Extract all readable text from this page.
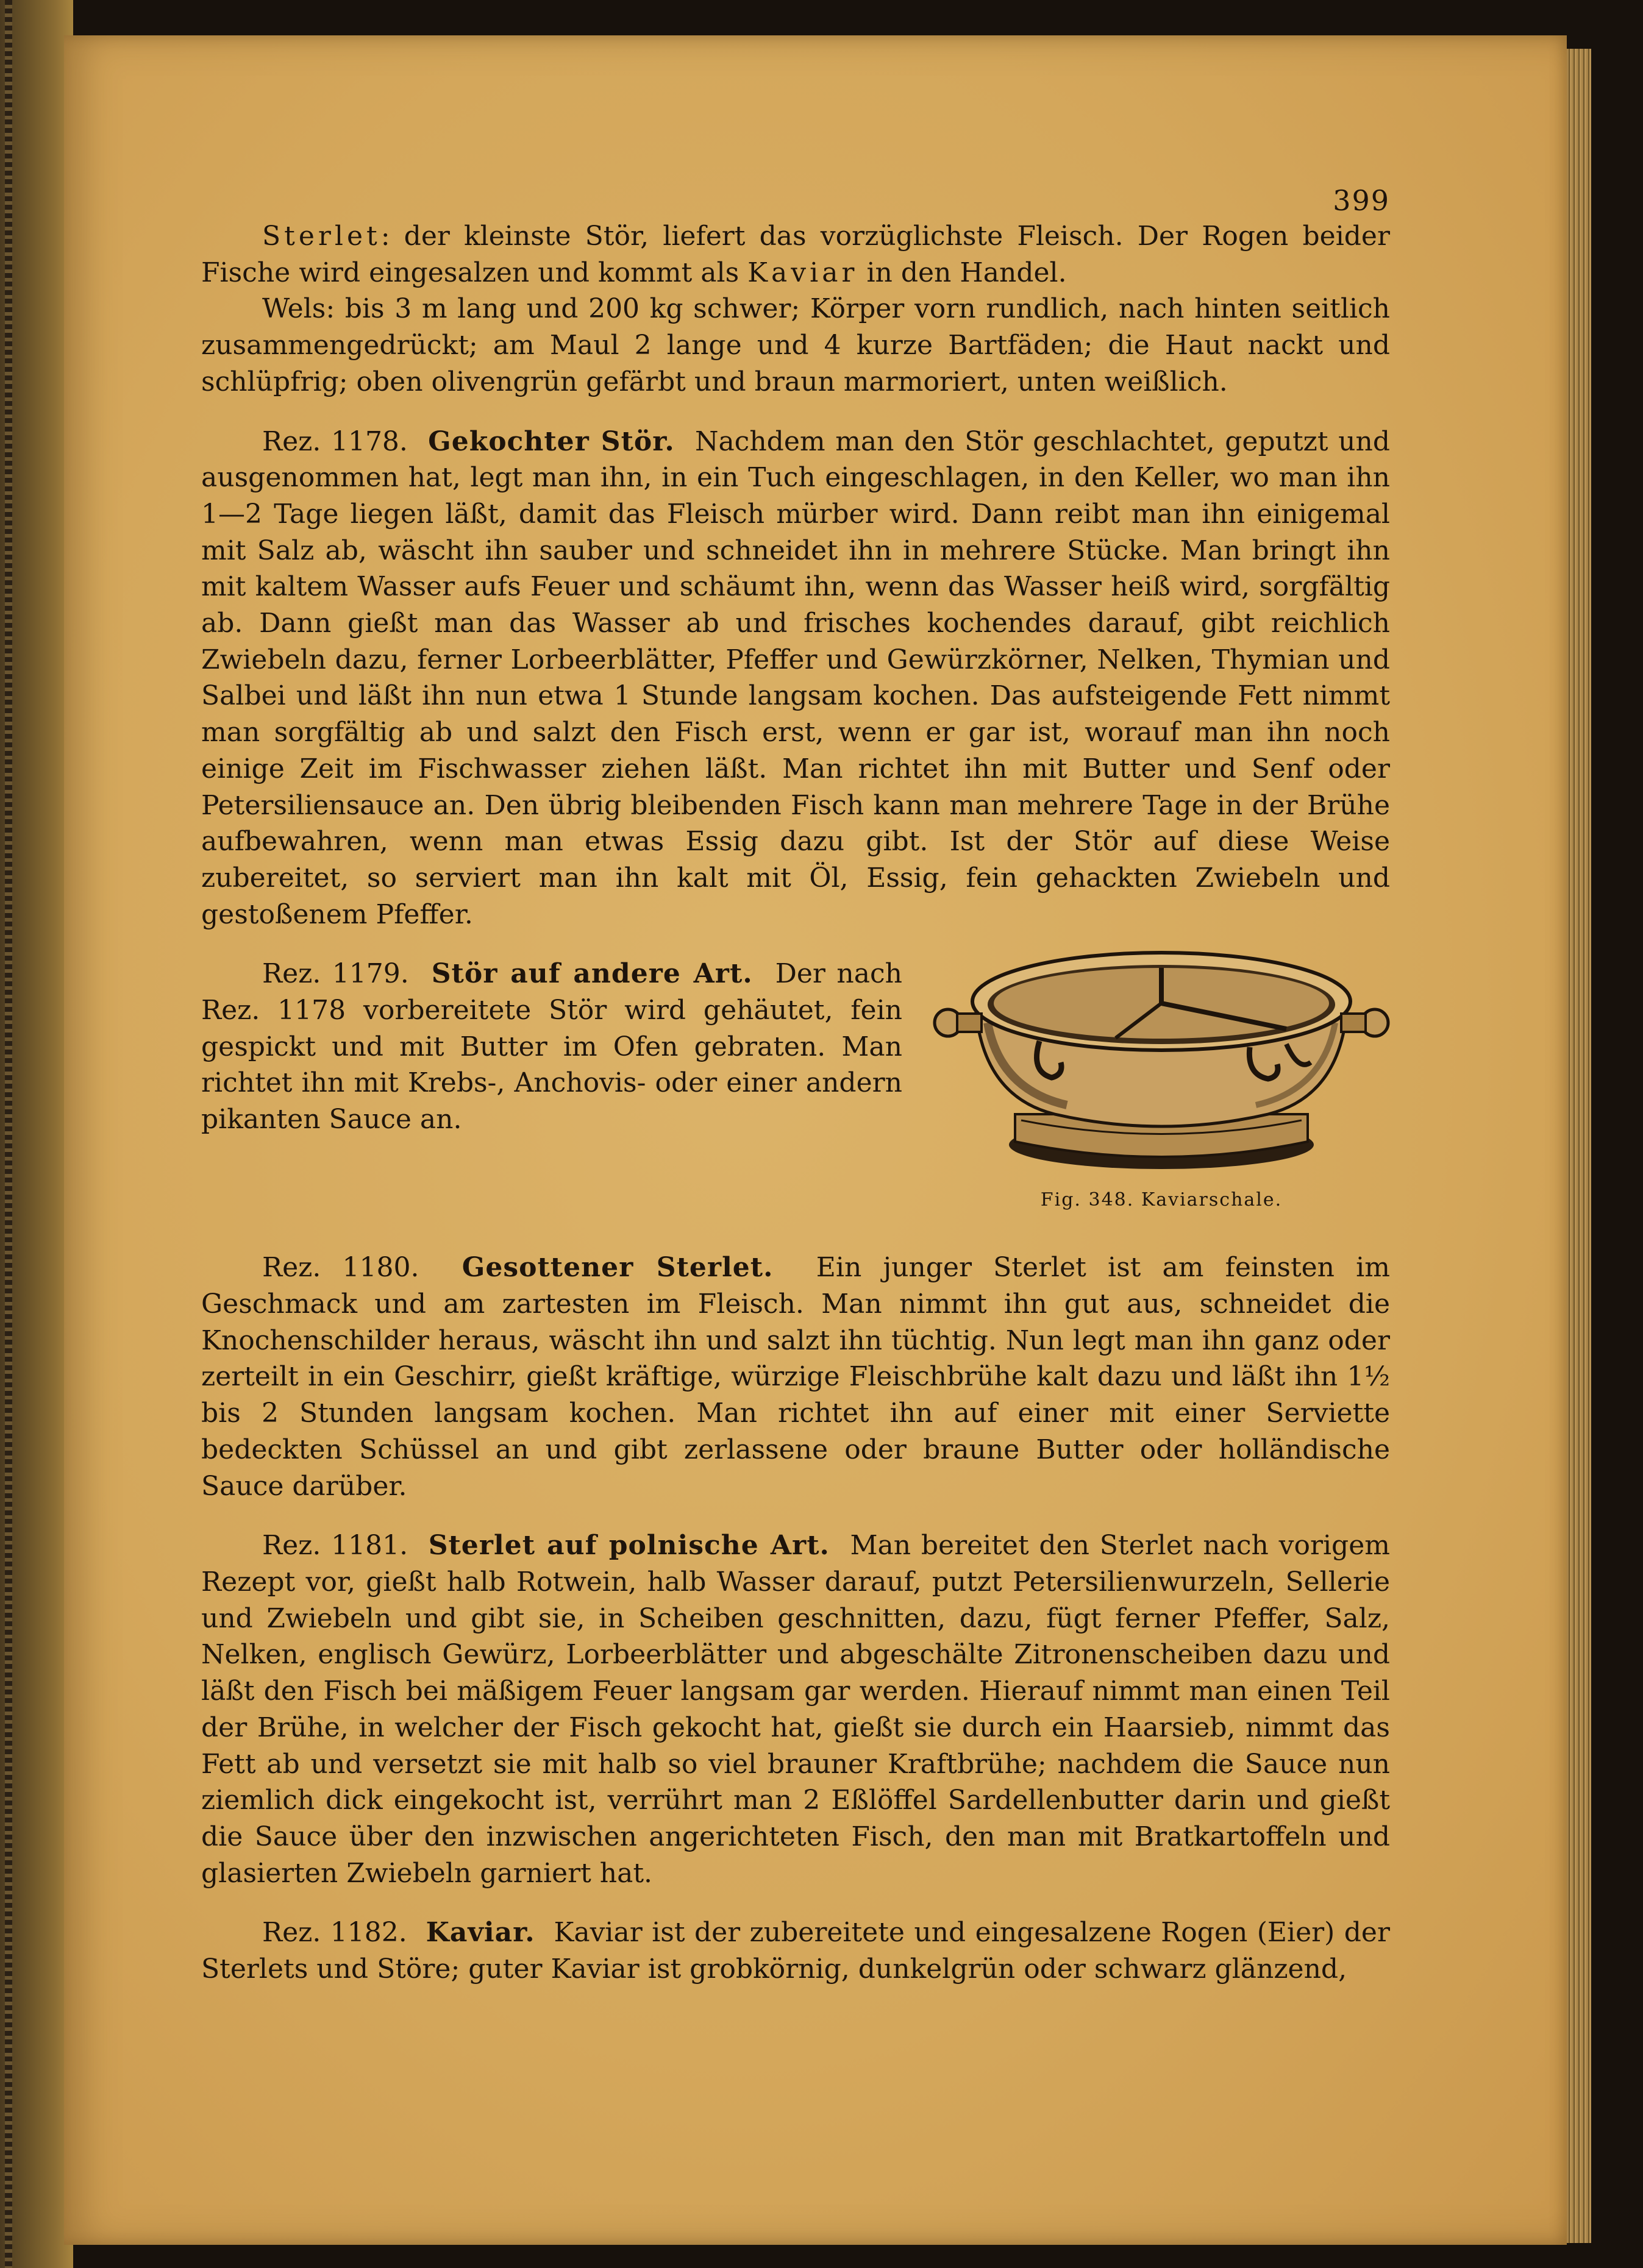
399

Sterlet: der kleinste Stör, liefert das vorzüglichste Fleisch. Der Rogen beider Fische wird eingesalzen und kommt als Kaviar in den Handel.

Wels: bis 3 m lang und 200 kg schwer; Körper vorn rundlich, nach hinten seitlich zusammengedrückt; am Maul 2 lange und 4 kurze Bartfäden; die Haut nackt und schlüpfrig; oben olivengrün gefärbt und braun marmoriert, unten weißlich.

Rez. 1178. Gekochter Stör. Nachdem man den Stör geschlachtet, geputzt und ausgenommen hat, legt man ihn, in ein Tuch eingeschlagen, in den Keller, wo man ihn 1—2 Tage liegen läßt, damit das Fleisch mürber wird. Dann reibt man ihn einigemal mit Salz ab, wäscht ihn sauber und schneidet ihn in mehrere Stücke. Man bringt ihn mit kaltem Wasser aufs Feuer und schäumt ihn, wenn das Wasser heiß wird, sorgfältig ab. Dann gießt man das Wasser ab und frisches kochendes darauf, gibt reichlich Zwiebeln dazu, ferner Lorbeerblätter, Pfeffer und Gewürzkörner, Nelken, Thymian und Salbei und läßt ihn nun etwa 1 Stunde langsam kochen. Das aufsteigende Fett nimmt man sorgfältig ab und salzt den Fisch erst, wenn er gar ist, worauf man ihn noch einige Zeit im Fischwasser ziehen läßt. Man richtet ihn mit Butter und Senf oder Petersiliensauce an. Den übrig bleibenden Fisch kann man mehrere Tage in der Brühe aufbewahren, wenn man etwas Essig dazu gibt. Ist der Stör auf diese Weise zubereitet, so serviert man ihn kalt mit Öl, Essig, fein gehackten Zwiebeln und gestoßenem Pfeffer.

Fig. 348. Kaviarschale.

Rez. 1179. Stör auf andere Art. Der nach Rez. 1178 vorbereitete Stör wird gehäutet, fein gespickt und mit Butter im Ofen gebraten. Man richtet ihn mit Krebs-, Anchovis- oder einer andern pikanten Sauce an.

Rez. 1180. Gesottener Sterlet. Ein junger Sterlet ist am feinsten im Geschmack und am zartesten im Fleisch. Man nimmt ihn gut aus, schneidet die Knochenschilder heraus, wäscht ihn und salzt ihn tüchtig. Nun legt man ihn ganz oder zerteilt in ein Geschirr, gießt kräftige, würzige Fleischbrühe kalt dazu und läßt ihn 1½ bis 2 Stunden langsam kochen. Man richtet ihn auf einer mit einer Serviette bedeckten Schüssel an und gibt zerlassene oder braune Butter oder holländische Sauce darüber.

Rez. 1181. Sterlet auf polnische Art. Man bereitet den Sterlet nach vorigem Rezept vor, gießt halb Rotwein, halb Wasser darauf, putzt Petersilienwurzeln, Sellerie und Zwiebeln und gibt sie, in Scheiben geschnitten, dazu, fügt ferner Pfeffer, Salz, Nelken, englisch Gewürz, Lorbeerblätter und abgeschälte Zitronenscheiben dazu und läßt den Fisch bei mäßigem Feuer langsam gar werden. Hierauf nimmt man einen Teil der Brühe, in welcher der Fisch gekocht hat, gießt sie durch ein Haarsieb, nimmt das Fett ab und versetzt sie mit halb so viel brauner Kraftbrühe; nachdem die Sauce nun ziemlich dick eingekocht ist, verrührt man 2 Eßlöffel Sardellenbutter darin und gießt die Sauce über den inzwischen angerichteten Fisch, den man mit Bratkartoffeln und glasierten Zwiebeln garniert hat.

Rez. 1182. Kaviar. Kaviar ist der zubereitete und eingesalzene Rogen (Eier) der Sterlets und Störe; guter Kaviar ist grobkörnig, dunkelgrün oder schwarz glänzend,
